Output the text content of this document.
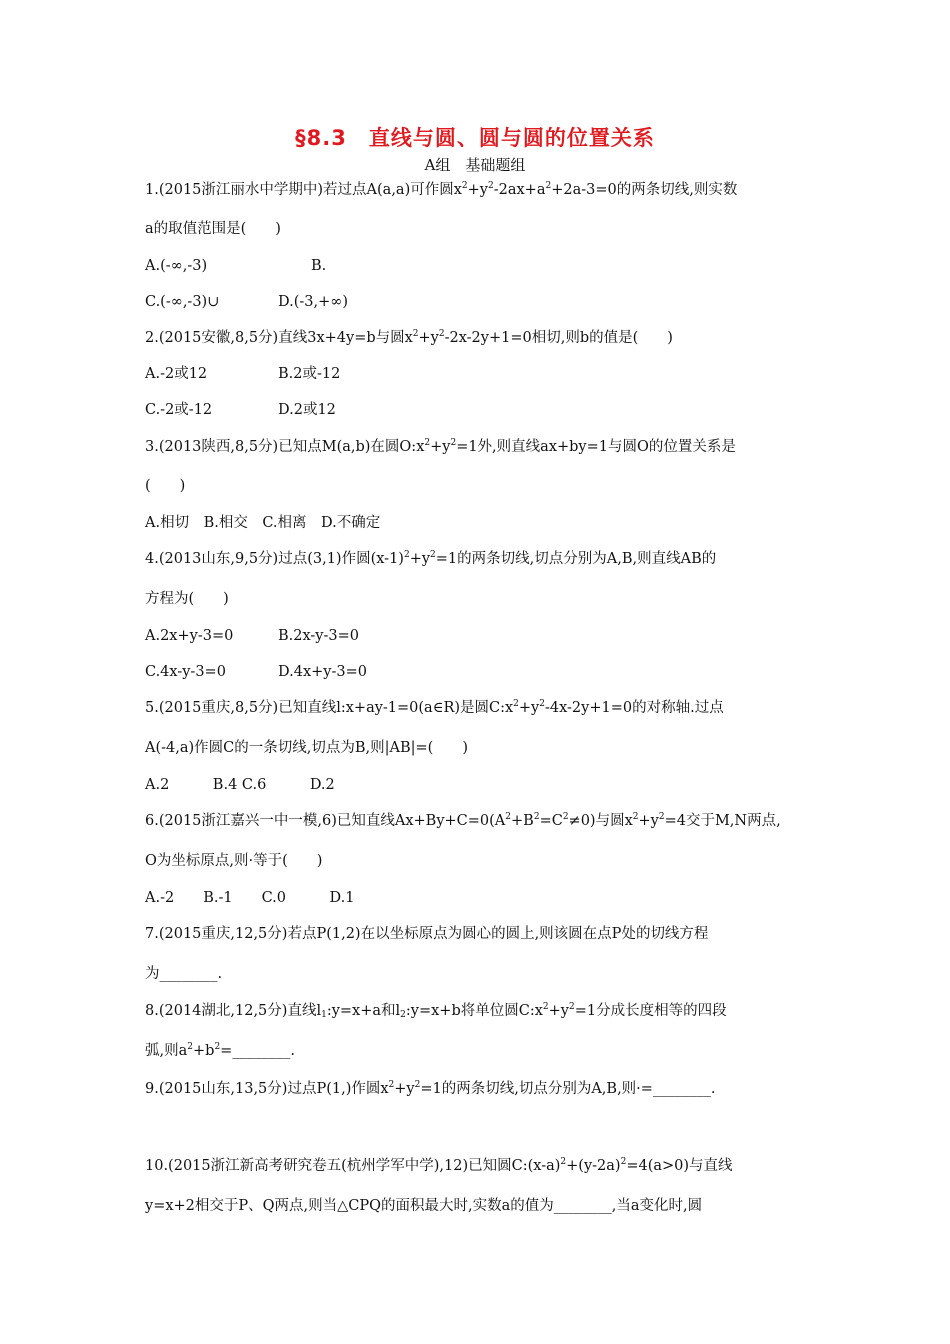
§8.3　直线与圆、圆与圆的位置关系
A组　基础题组
1.(2015浙江丽水中学期中)若过点A(a,a)可作圆$x^2+y^2-2ax+a^2+2a-3=0$的两条切线,则实数
a的取值范围是(　　)
A.(-∞,-3)	B.
C.(-∞,-3)∪	D.(-3,+∞)
2.(2015安徽,8,5分)直线3x+4y=b与圆$x^2+y^2-2x-2y+1=0$相切,则b的值是(　　)
A.-2或12	B.2或-12
C.-2或-12	D.2或12
3.(2013陕西,8,5分)已知点M(a,b)在圆$O:x^2+y^2=1$外,则直线ax+by=1与圆O的位置关系是
(　　)
A.相切　B.相交　C.相离　D.不确定
4.(2013山东,9,5分)过点(3,1)作圆$(x-1)^2+y^2=1$的两条切线,切点分别为A,B,则直线AB的
方程为(　　)
A.2x+y-3=0	B.2x-y-3=0
C.4x-y-3=0	D.4x+y-3=0
5.(2015重庆,8,5分)已知直线l:x+ay-1=0(a∈R)是圆$C:x^2+y^2-4x-2y+1=0$的对称轴.过点
A(-4,a)作圆C的一条切线,切点为B,则|AB|=(　　)
A.2　　　B.4 C.6　　　D.2
6.(2015浙江嘉兴一中一模,6)已知直线$Ax+By+C=0(A^2+B^2=C^2\ne 0)$与圆$x^2+y^2=4$交于M,N两点,
O为坐标原点,则·等于(　　)
A.-2　　B.-1　　C.0　　　D.1
7.(2015重庆,12,5分)若点P(1,2)在以坐标原点为圆心的圆上,则该圆在点P处的切线方程
为________.
8.(2014湖北,12,5分)直线$l_1:y=x+a$和$l_2:y=x+b$将单位圆$C:x^2+y^2=1$分成长度相等的四段
弧,则$a^2+b^2=\_\_\_\_\_\_\_\_$.
9.(2015山东,13,5分)过点P(1,)作圆$x^2+y^2=1$的两条切线,切点分别为A,B,则·=________.
10.(2015浙江新高考研究卷五(杭州学军中学),12)已知圆$C:(x-a)^2+(y-2a)^2=4(a>0)$与直线
y=x+2相交于P、Q两点,则当△CPQ的面积最大时,实数a的值为________,当a变化时,圆
